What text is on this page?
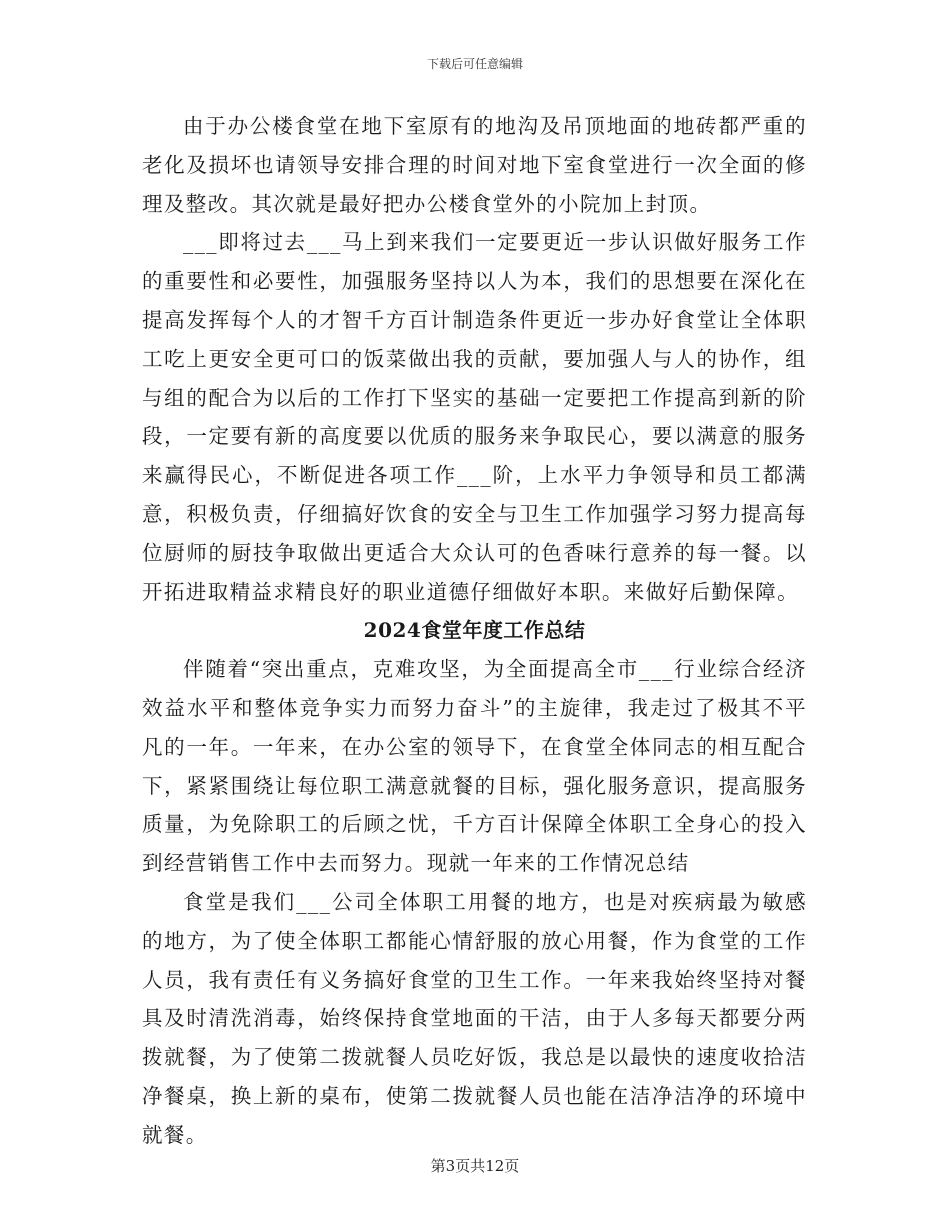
下载后可任意编辑

由于办公楼食堂在地下室原有的地沟及吊顶地面的地砖都严重的老化及损坏也请领导安排合理的时间对地下室食堂进行一次全面的修理及整改。其次就是最好把办公楼食堂外的小院加上封顶。

___即将过去___马上到来我们一定要更近一步认识做好服务工作的重要性和必要性，加强服务坚持以人为本，我们的思想要在深化在提高发挥每个人的才智千方百计制造条件更近一步办好食堂让全体职工吃上更安全更可口的饭菜做出我的贡献，要加强人与人的协作，组与组的配合为以后的工作打下坚实的基础一定要把工作提高到新的阶段，一定要有新的高度要以优质的服务来争取民心，要以满意的服务来赢得民心，不断促进各项工作___阶，上水平力争领导和员工都满意，积极负责，仔细搞好饮食的安全与卫生工作加强学习努力提高每位厨师的厨技争取做出更适合大众认可的色香味行意养的每一餐。以开拓进取精益求精良好的职业道德仔细做好本职。来做好后勤保障。

2024食堂年度工作总结

伴随着“突出重点，克难攻坚，为全面提高全市___行业综合经济效益水平和整体竞争实力而努力奋斗”的主旋律，我走过了极其不平凡的一年。一年来，在办公室的领导下，在食堂全体同志的相互配合下，紧紧围绕让每位职工满意就餐的目标，强化服务意识，提高服务质量，为免除职工的后顾之忧，千方百计保障全体职工全身心的投入到经营销售工作中去而努力。现就一年来的工作情况总结

食堂是我们___公司全体职工用餐的地方，也是对疾病最为敏感的地方，为了使全体职工都能心情舒服的放心用餐，作为食堂的工作人员，我有责任有义务搞好食堂的卫生工作。一年来我始终坚持对餐具及时清洗消毒，始终保持食堂地面的干洁，由于人多每天都要分两拨就餐，为了使第二拨就餐人员吃好饭，我总是以最快的速度收拾洁净餐桌，换上新的桌布，使第二拨就餐人员也能在洁净洁净的环境中就餐。

第3页共12页
